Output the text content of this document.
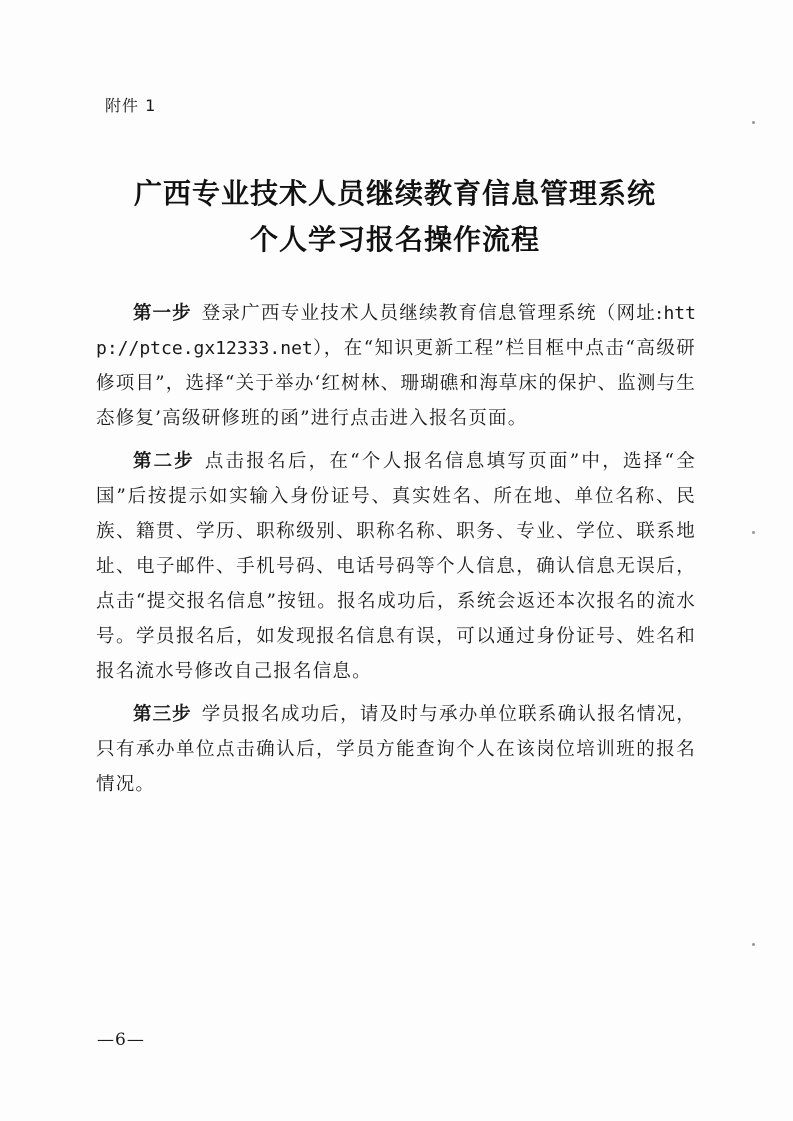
附件 1
广西专业技术人员继续教育信息管理系统
个人学习报名操作流程

第一步 登录广西专业技术人员继续教育信息管理系统（网址:http://ptce.gx12333.net），在“知识更新工程”栏目框中点击“高级研修项目”，选择“关于举办‘红树林、珊瑚礁和海草床的保护、监测与生态修复’高级研修班的函”进行点击进入报名页面。

第二步 点击报名后，在“个人报名信息填写页面”中，选择“全国”后按提示如实输入身份证号、真实姓名、所在地、单位名称、民族、籍贯、学历、职称级别、职称名称、职务、专业、学位、联系地址、电子邮件、手机号码、电话号码等个人信息，确认信息无误后，点击“提交报名信息”按钮。报名成功后，系统会返还本次报名的流水号。学员报名后，如发现报名信息有误，可以通过身份证号、姓名和报名流水号修改自己报名信息。

第三步 学员报名成功后，请及时与承办单位联系确认报名情况，只有承办单位点击确认后，学员方能查询个人在该岗位培训班的报名情况。

—6—
